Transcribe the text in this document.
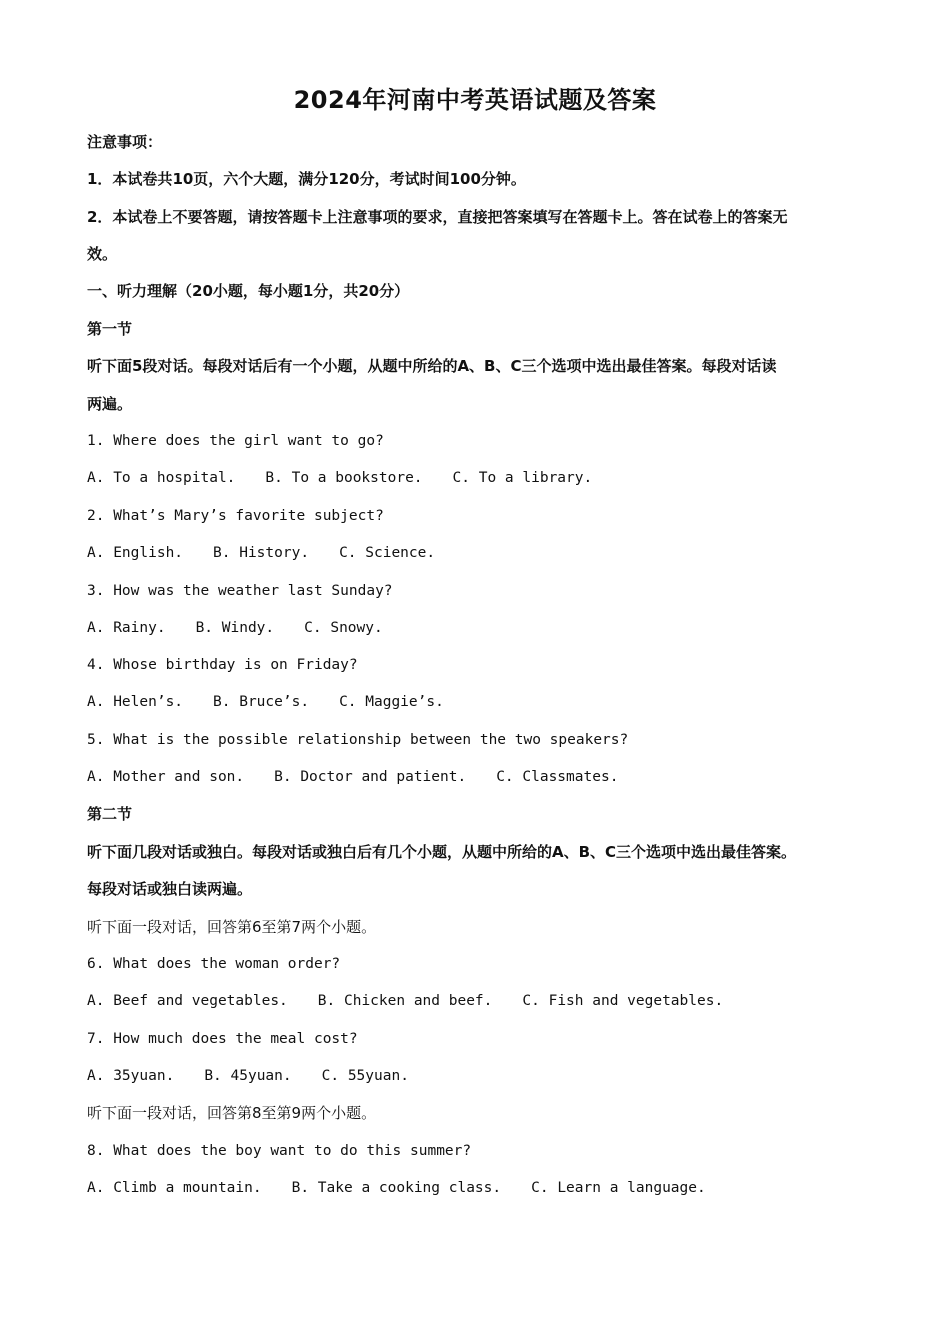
2024年河南中考英语试题及答案
注意事项：
1．本试卷共10页，六个大题，满分120分，考试时间100分钟。
2．本试卷上不要答题，请按答题卡上注意事项的要求，直接把答案填写在答题卡上。答在试卷上的答案无
效。
一、听力理解（20小题，每小题1分，共20分）
第一节
听下面5段对话。每段对话后有一个小题，从题中所给的A、B、C三个选项中选出最佳答案。每段对话读
两遍。
1. Where does the girl want to go?
A. To a hospital. B. To a bookstore. C. To a library.
2. What’s Mary’s favorite subject?
A. English. B. History. C. Science.
3. How was the weather last Sunday?
A. Rainy. B. Windy. C. Snowy.
4. Whose birthday is on Friday?
A. Helen’s. B. Bruce’s. C. Maggie’s.
5. What is the possible relationship between the two speakers?
A. Mother and son. B. Doctor and patient. C. Classmates.
第二节
听下面几段对话或独白。每段对话或独白后有几个小题，从题中所给的A、B、C三个选项中选出最佳答案。
每段对话或独白读两遍。
听下面一段对话，回答第6至第7两个小题。
6. What does the woman order?
A. Beef and vegetables. B. Chicken and beef. C. Fish and vegetables.
7. How much does the meal cost?
A. 35yuan. B. 45yuan. C. 55yuan.
听下面一段对话，回答第8至第9两个小题。
8. What does the boy want to do this summer?
A. Climb a mountain. B. Take a cooking class. C. Learn a language.
